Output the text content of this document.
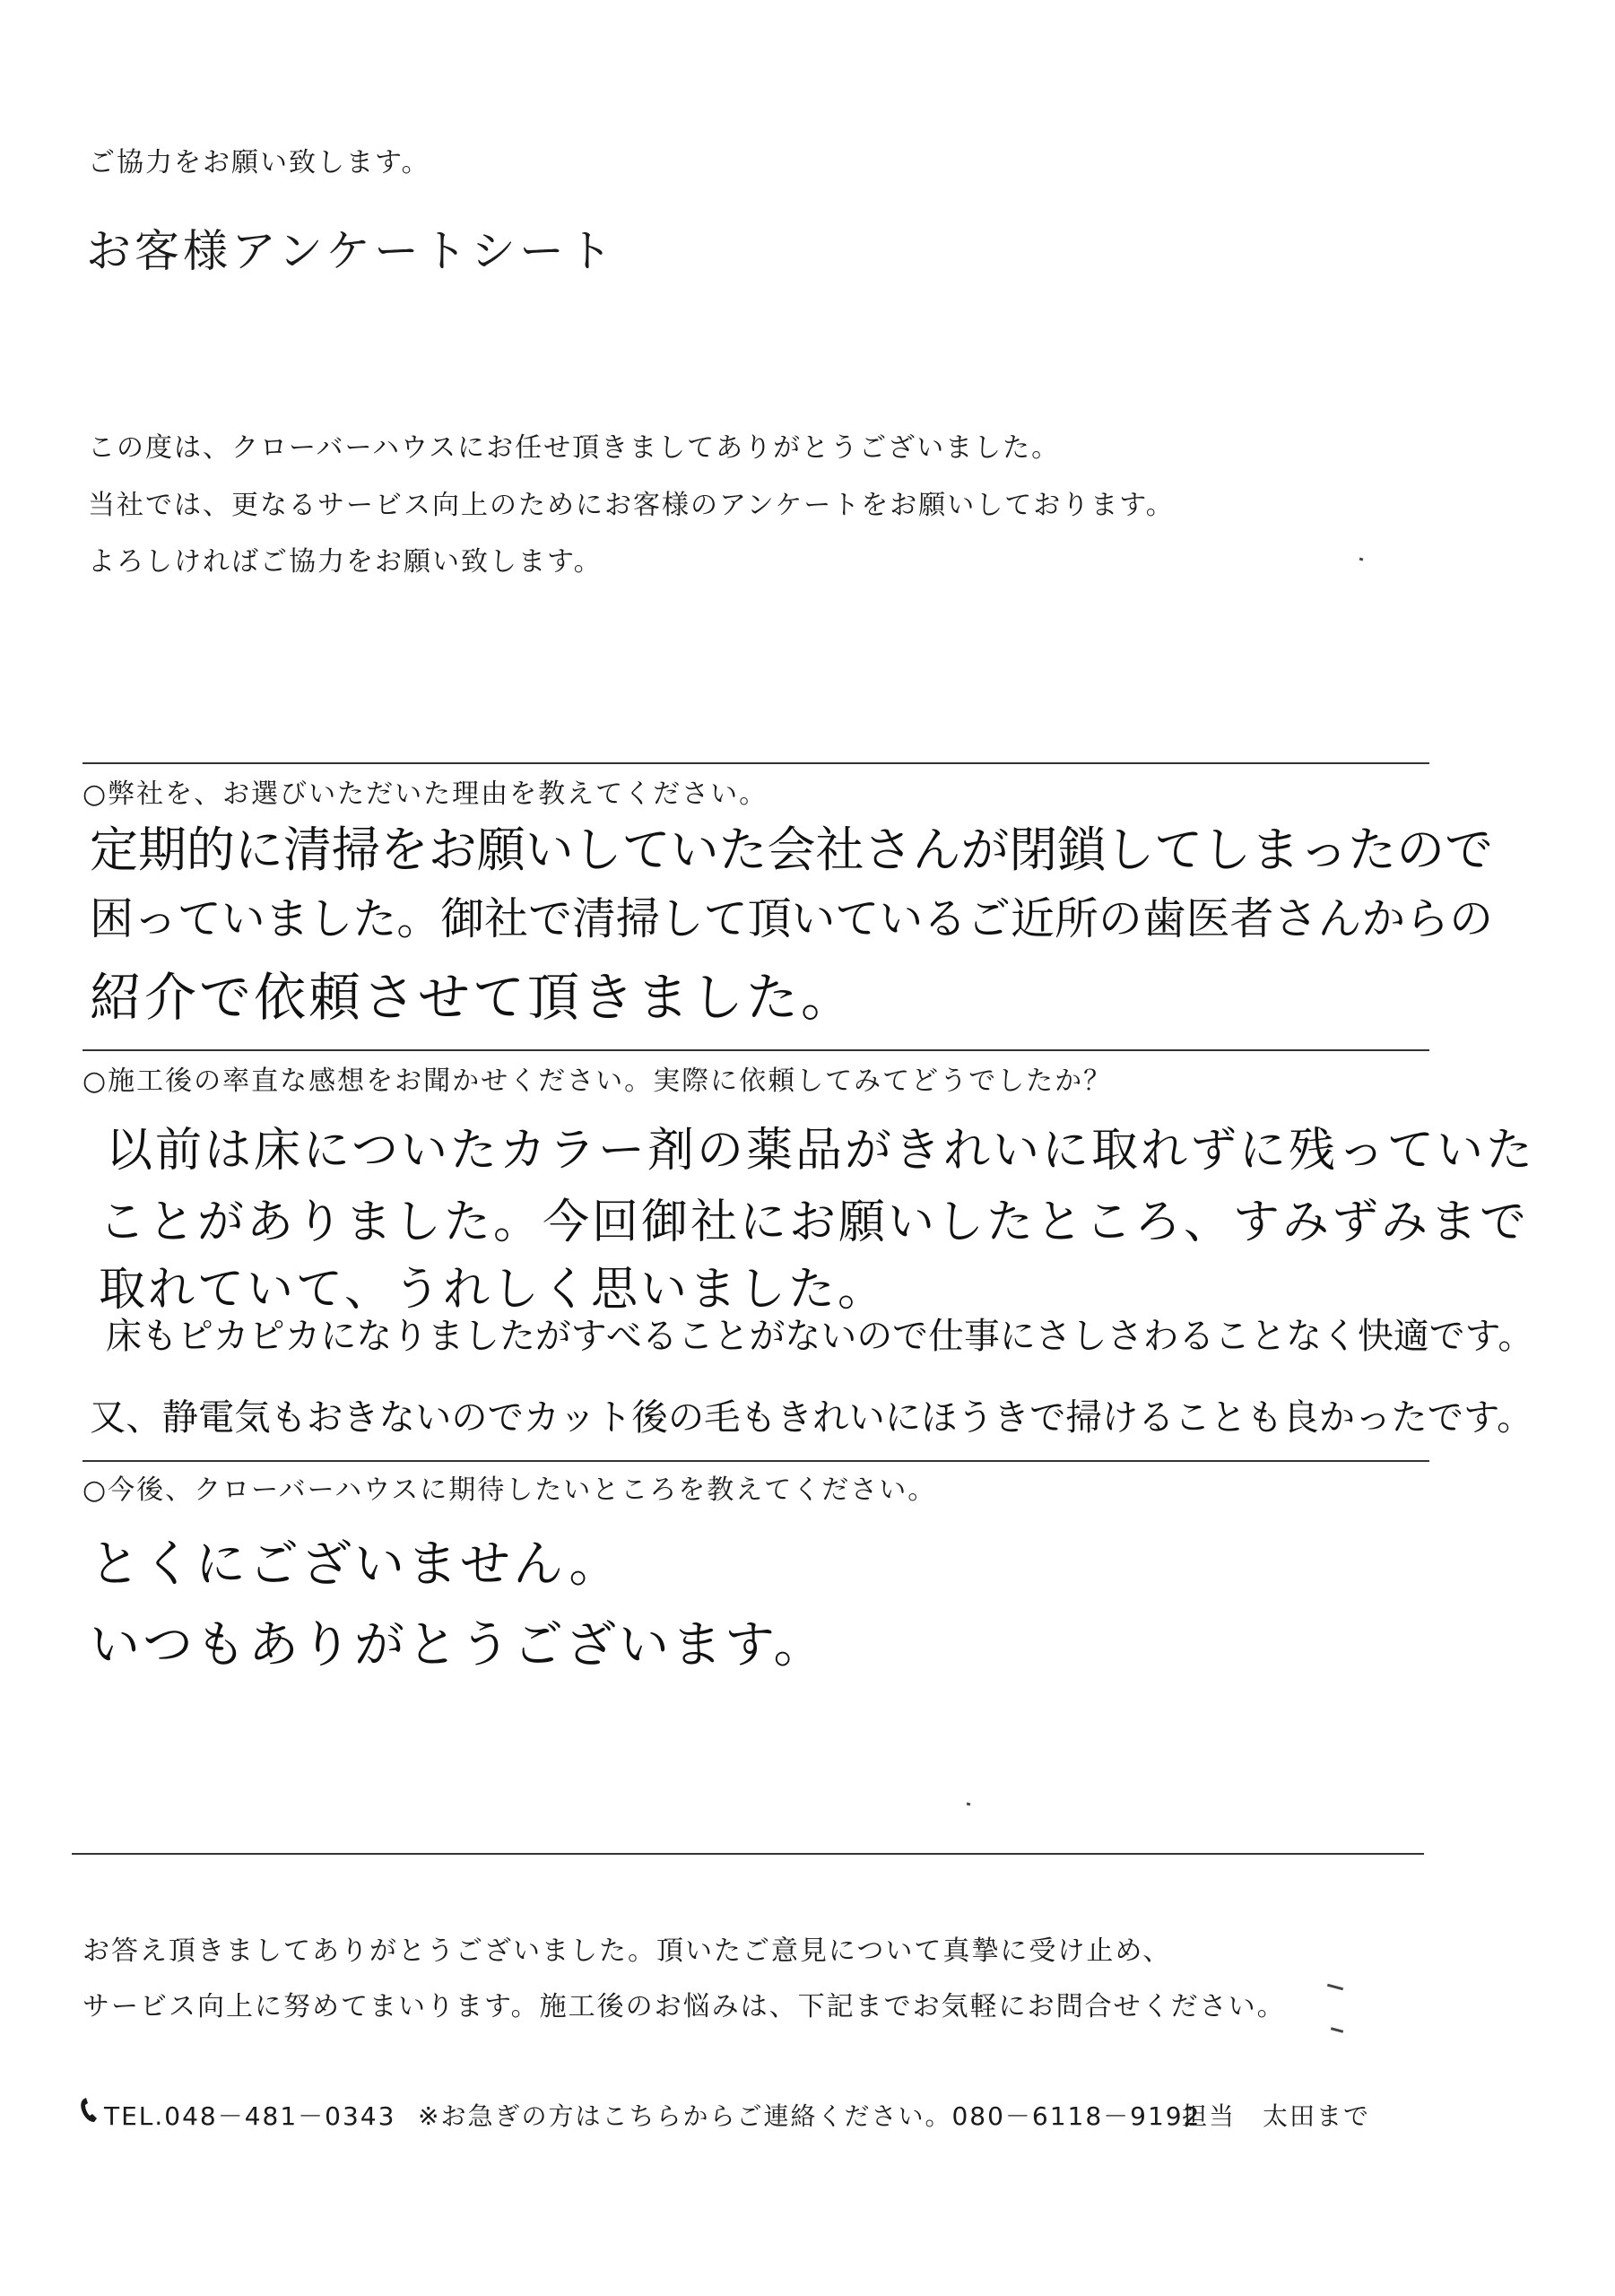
ご協力をお願い致します。
お客様アンケートシート
この度は、クローバーハウスにお任せ頂きましてありがとうございました。
当社では、更なるサービス向上のためにお客様のアンケートをお願いしております。
よろしければご協力をお願い致します。
○弊社を、お選びいただいた理由を教えてください。
定期的に清掃をお願いしていた会社さんが閉鎖してしまったので
困っていました。御社で清掃して頂いているご近所の歯医者さんからの
紹介で依頼させて頂きました。
○施工後の率直な感想をお聞かせください。実際に依頼してみてどうでしたか？
以前は床についたカラー剤の薬品がきれいに取れずに残っていた
ことがありました。今回御社にお願いしたところ、すみずみまで
取れていて、うれしく思いました。
床もピカピカになりましたがすべることがないので仕事にさしさわることなく快適です。
又、静電気もおきないのでカット後の毛もきれいにほうきで掃けることも良かったです。
○今後、クローバーハウスに期待したいところを教えてください。
とくにございません。
いつもありがとうございます。
お答え頂きましてありがとうございました。頂いたご意見について真摯に受け止め、
サービス向上に努めてまいります。施工後のお悩みは、下記までお気軽にお問合せください。
TEL.048－481－0343 ※お急ぎの方はこちらからご連絡ください。080－6118－9192
担当　太田まで
